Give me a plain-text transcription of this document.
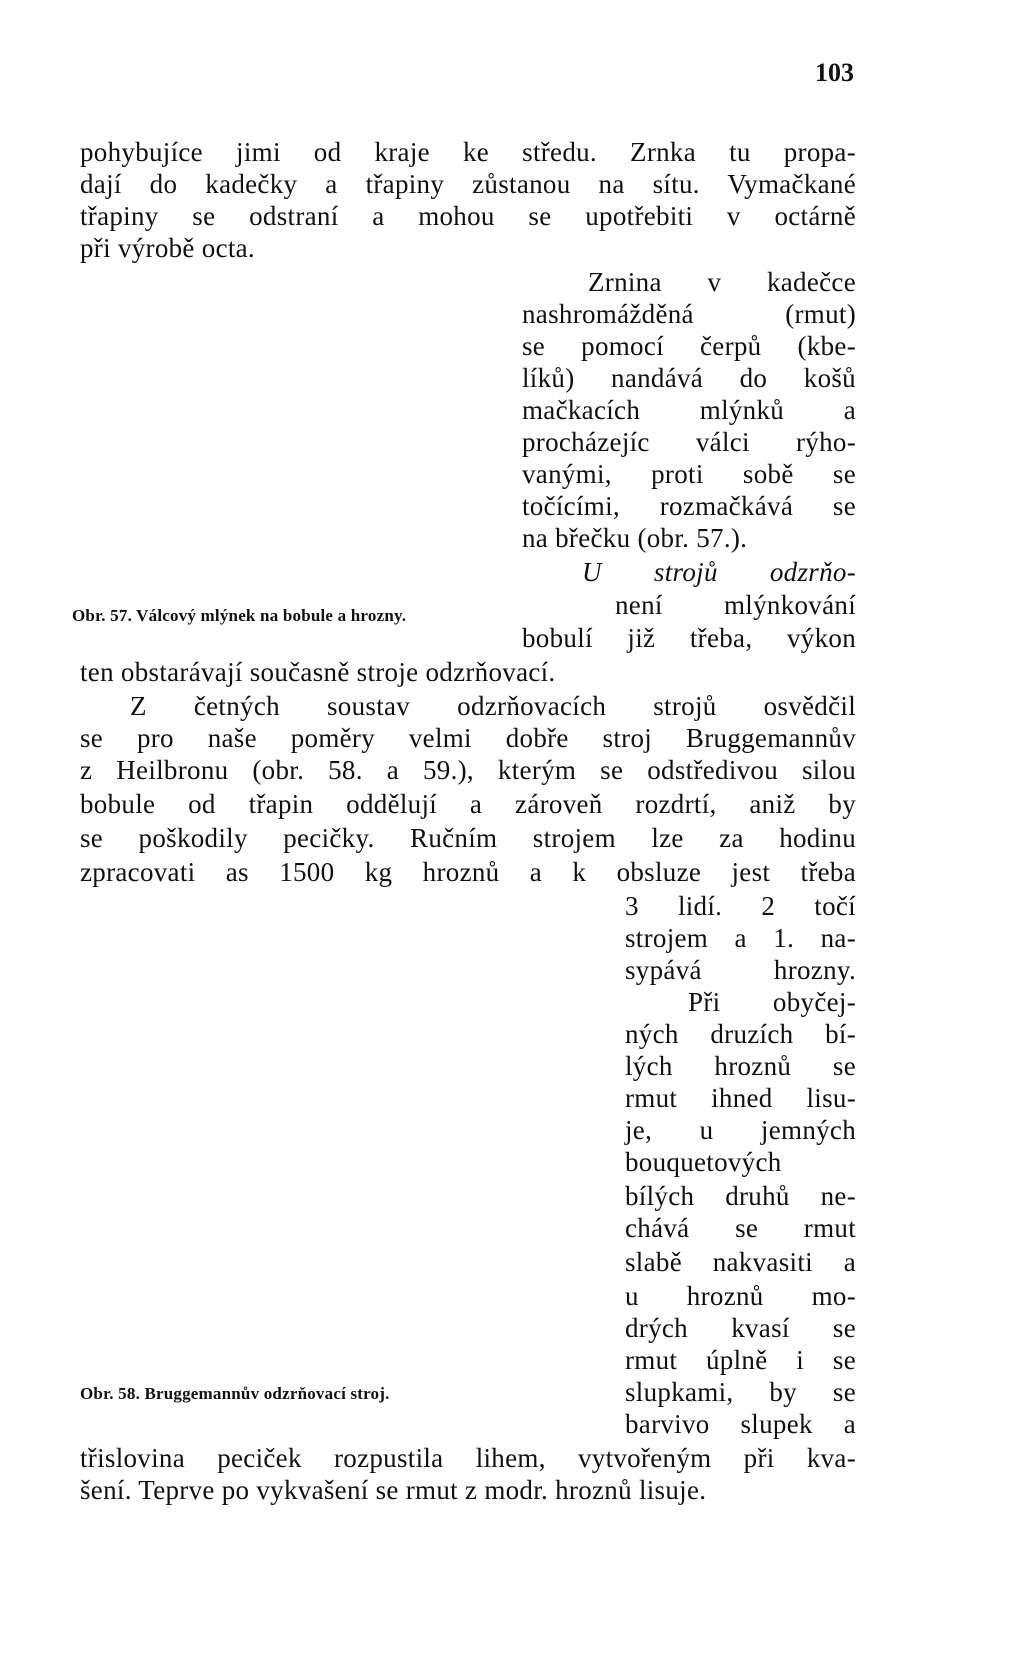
103
pohybujíce jimi od kraje ke středu. Zrnka tu propa-
dají do kadečky a třapiny zůstanou na sítu. Vymačkané
třapiny se odstraní a mohou se upotřebiti v octárně
při výrobě octa.
Zrnina v kadečce
nashromážděná (rmut)
se pomocí čerpů (kbe-
líků) nandává do košů
mačkacích mlýnků a
procházejíc válci rýho-
vanými, proti sobě se
točícími, rozmačkává se
na břečku (obr. 57.).
U strojů odzrňo-
není mlýnkování
Obr. 57. Válcový mlýnek na bobule a hrozny.
bobulí již třeba, výkon
ten obstarávají současně stroje odzrňovací.
Z četných soustav odzrňovacích strojů osvědčil
se pro naše poměry velmi dobře stroj Bruggemannův
z Heilbronu (obr. 58. a 59.), kterým se odstředivou silou
bobule od třapin oddělují a zároveň rozdrtí, aniž by
se poškodily pecičky. Ručním strojem lze za hodinu
zpracovati as 1500 kg hroznů a k obsluze jest třeba
3 lidí. 2 točí
strojem a 1. na-
sypává hrozny.
Při obyčej-
ných druzích bí-
lých hroznů se
rmut ihned lisu-
je, u jemných
bouquetových
bílých druhů ne-
chává se rmut
slabě nakvasiti a
u hroznů mo-
drých kvasí se
rmut úplně i se
slupkami, by se
Obr. 58. Bruggemannův odzrňovací stroj.
barvivo slupek a
třislovina peciček rozpustila lihem, vytvořeným při kva-
šení. Teprve po vykvašení se rmut z modr. hroznů lisuje.
